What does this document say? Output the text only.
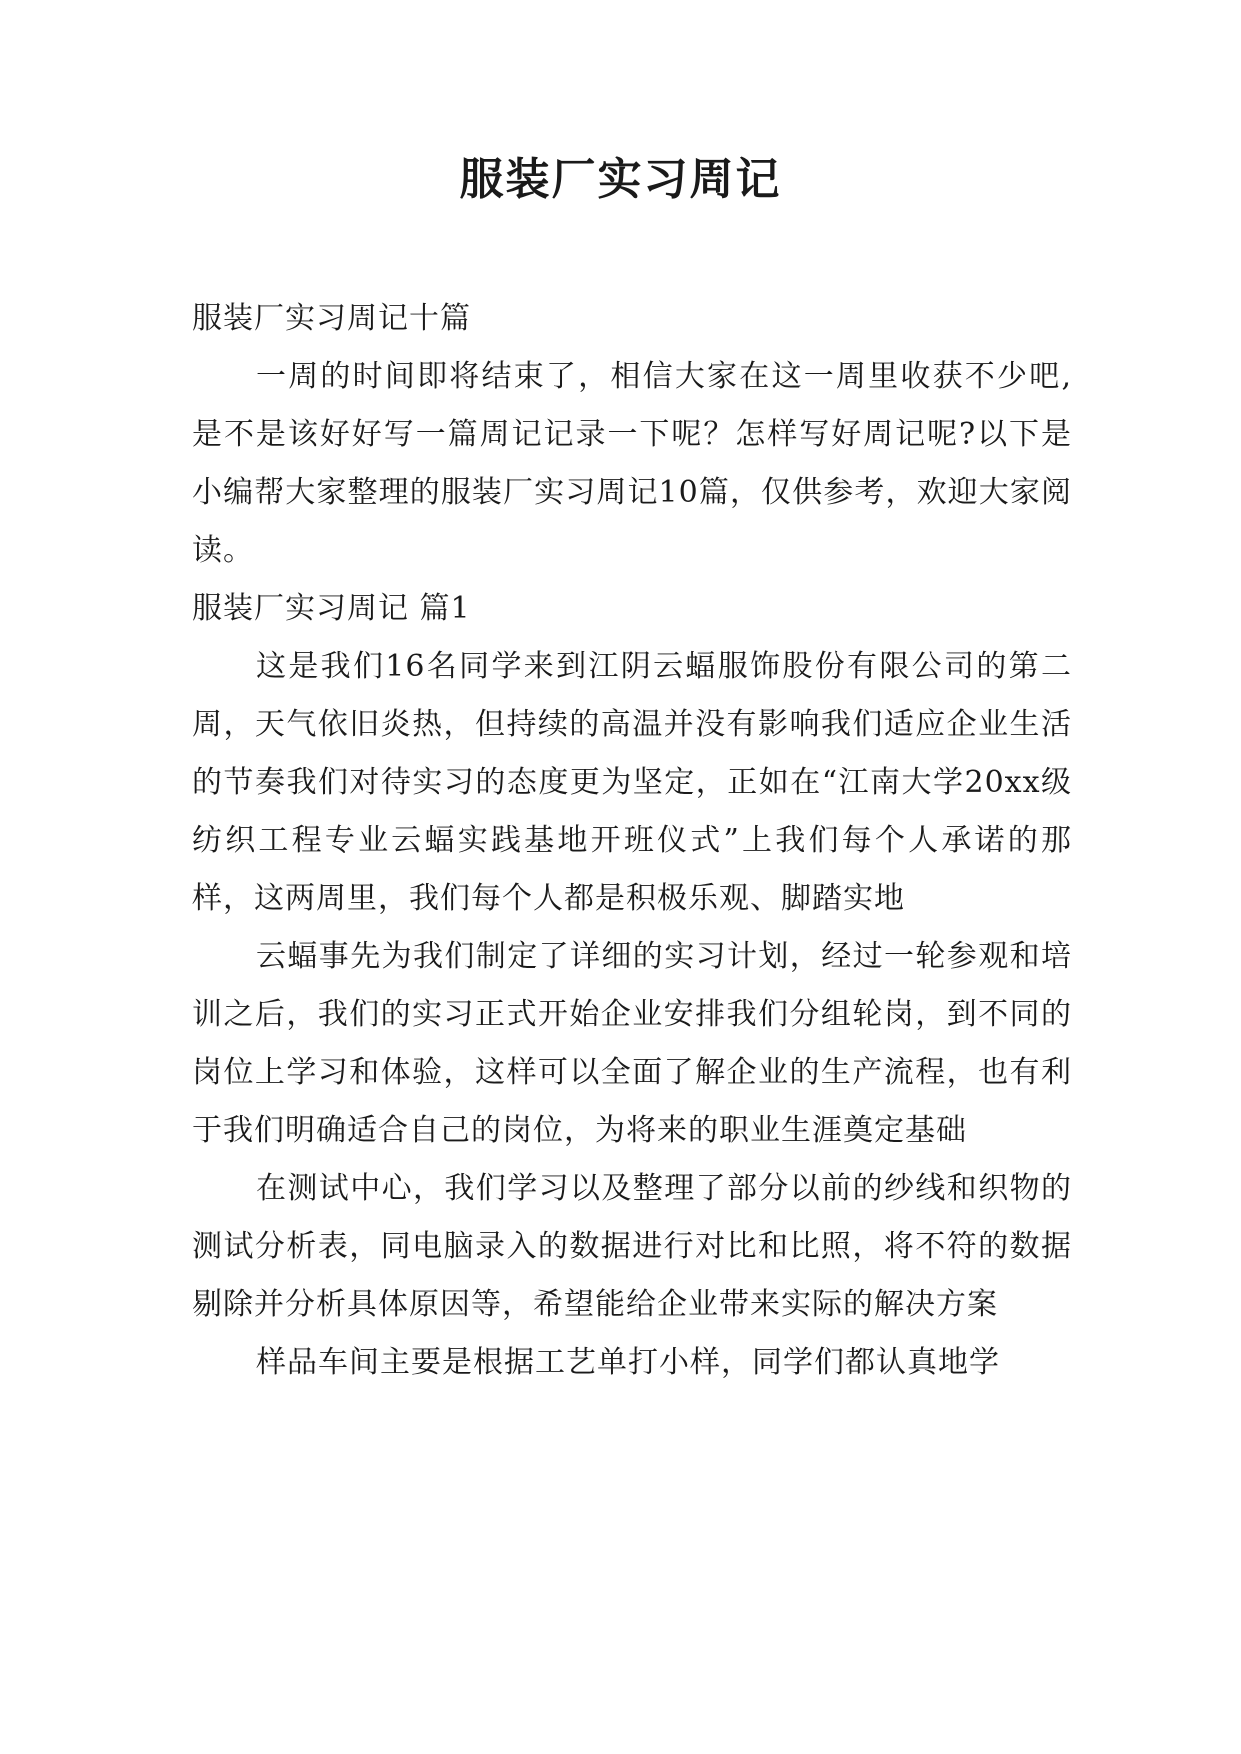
服装厂实习周记

服装厂实习周记十篇

一周的时间即将结束了，相信大家在这一周里收获不少吧,是不是该好好写一篇周记记录一下呢？怎样写好周记呢?以下是小编帮大家整理的服装厂实习周记10篇，仅供参考，欢迎大家阅读。

服装厂实习周记 篇1

这是我们16名同学来到江阴云蝠服饰股份有限公司的第二周，天气依旧炎热，但持续的高温并没有影响我们适应企业生活的节奏我们对待实习的态度更为坚定，正如在“江南大学20xx级纺织工程专业云蝠实践基地开班仪式”上我们每个人承诺的那样，这两周里，我们每个人都是积极乐观、脚踏实地

云蝠事先为我们制定了详细的实习计划，经过一轮参观和培训之后，我们的实习正式开始企业安排我们分组轮岗，到不同的岗位上学习和体验，这样可以全面了解企业的生产流程，也有利于我们明确适合自己的岗位，为将来的职业生涯奠定基础

在测试中心，我们学习以及整理了部分以前的纱线和织物的测试分析表，同电脑录入的数据进行对比和比照，将不符的数据剔除并分析具体原因等，希望能给企业带来实际的解决方案

样品车间主要是根据工艺单打小样，同学们都认真地学
